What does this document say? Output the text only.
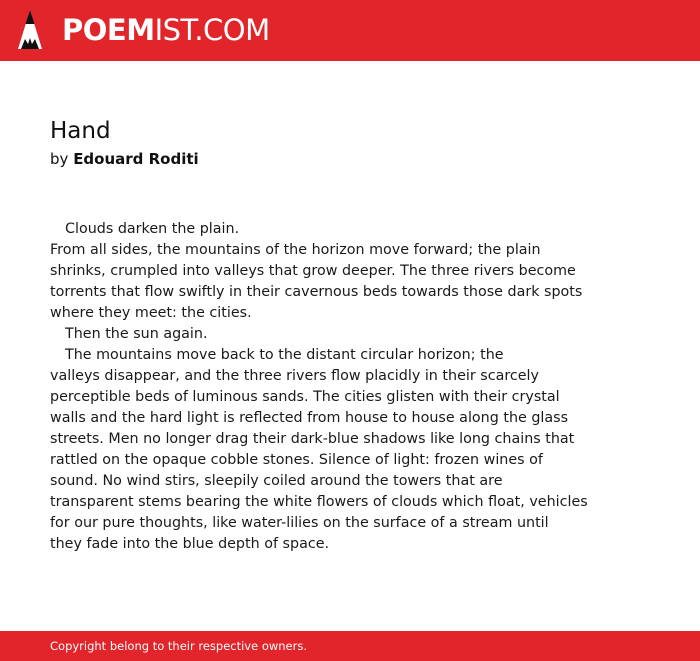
POEMIST.COM
Hand
by Edouard Roditi
Clouds darken the plain.
From all sides, the mountains of the horizon move forward; the plain
shrinks, crumpled into valleys that grow deeper. The three rivers become
torrents that flow swiftly in their cavernous beds towards those dark spots
where they meet: the cities.
Then the sun again.
The mountains move back to the distant circular horizon; the
valleys disappear, and the three rivers flow placidly in their scarcely
perceptible beds of luminous sands. The cities glisten with their crystal
walls and the hard light is reflected from house to house along the glass
streets. Men no longer drag their dark-blue shadows like long chains that
rattled on the opaque cobble stones. Silence of light: frozen wines of
sound. No wind stirs, sleepily coiled around the towers that are
transparent stems bearing the white flowers of clouds which float, vehicles
for our pure thoughts, like water-lilies on the surface of a stream until
they fade into the blue depth of space.
Copyright belong to their respective owners.
